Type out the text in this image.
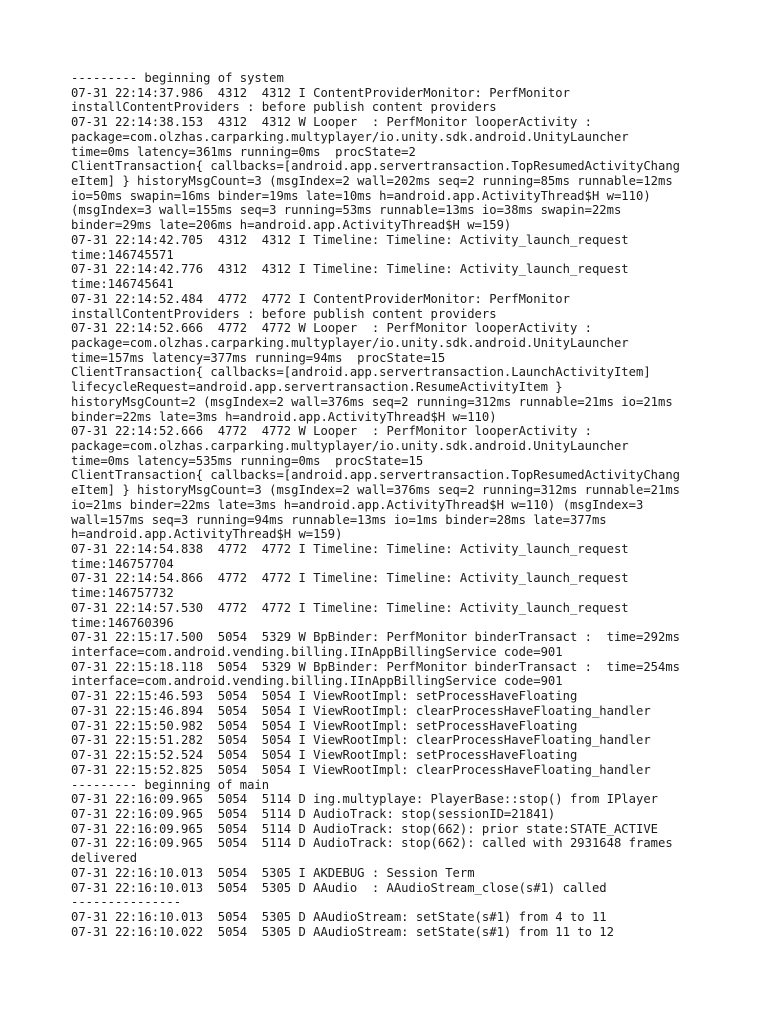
--------- beginning of system
07-31 22:14:37.986  4312  4312 I ContentProviderMonitor: PerfMonitor
installContentProviders : before publish content providers
07-31 22:14:38.153  4312  4312 W Looper  : PerfMonitor looperActivity :
package=com.olzhas.carparking.multyplayer/io.unity.sdk.android.UnityLauncher
time=0ms latency=361ms running=0ms  procState=2
ClientTransaction{ callbacks=[android.app.servertransaction.TopResumedActivityChang
eItem] } historyMsgCount=3 (msgIndex=2 wall=202ms seq=2 running=85ms runnable=12ms
io=50ms swapin=16ms binder=19ms late=10ms h=android.app.ActivityThread$H w=110)
(msgIndex=3 wall=155ms seq=3 running=53ms runnable=13ms io=38ms swapin=22ms
binder=29ms late=206ms h=android.app.ActivityThread$H w=159)
07-31 22:14:42.705  4312  4312 I Timeline: Timeline: Activity_launch_request
time:146745571
07-31 22:14:42.776  4312  4312 I Timeline: Timeline: Activity_launch_request
time:146745641
07-31 22:14:52.484  4772  4772 I ContentProviderMonitor: PerfMonitor
installContentProviders : before publish content providers
07-31 22:14:52.666  4772  4772 W Looper  : PerfMonitor looperActivity :
package=com.olzhas.carparking.multyplayer/io.unity.sdk.android.UnityLauncher
time=157ms latency=377ms running=94ms  procState=15
ClientTransaction{ callbacks=[android.app.servertransaction.LaunchActivityItem]
lifecycleRequest=android.app.servertransaction.ResumeActivityItem }
historyMsgCount=2 (msgIndex=2 wall=376ms seq=2 running=312ms runnable=21ms io=21ms
binder=22ms late=3ms h=android.app.ActivityThread$H w=110)
07-31 22:14:52.666  4772  4772 W Looper  : PerfMonitor looperActivity :
package=com.olzhas.carparking.multyplayer/io.unity.sdk.android.UnityLauncher
time=0ms latency=535ms running=0ms  procState=15
ClientTransaction{ callbacks=[android.app.servertransaction.TopResumedActivityChang
eItem] } historyMsgCount=3 (msgIndex=2 wall=376ms seq=2 running=312ms runnable=21ms
io=21ms binder=22ms late=3ms h=android.app.ActivityThread$H w=110) (msgIndex=3
wall=157ms seq=3 running=94ms runnable=13ms io=1ms binder=28ms late=377ms
h=android.app.ActivityThread$H w=159)
07-31 22:14:54.838  4772  4772 I Timeline: Timeline: Activity_launch_request
time:146757704
07-31 22:14:54.866  4772  4772 I Timeline: Timeline: Activity_launch_request
time:146757732
07-31 22:14:57.530  4772  4772 I Timeline: Timeline: Activity_launch_request
time:146760396
07-31 22:15:17.500  5054  5329 W BpBinder: PerfMonitor binderTransact :  time=292ms
interface=com.android.vending.billing.IInAppBillingService code=901
07-31 22:15:18.118  5054  5329 W BpBinder: PerfMonitor binderTransact :  time=254ms
interface=com.android.vending.billing.IInAppBillingService code=901
07-31 22:15:46.593  5054  5054 I ViewRootImpl: setProcessHaveFloating
07-31 22:15:46.894  5054  5054 I ViewRootImpl: clearProcessHaveFloating_handler
07-31 22:15:50.982  5054  5054 I ViewRootImpl: setProcessHaveFloating
07-31 22:15:51.282  5054  5054 I ViewRootImpl: clearProcessHaveFloating_handler
07-31 22:15:52.524  5054  5054 I ViewRootImpl: setProcessHaveFloating
07-31 22:15:52.825  5054  5054 I ViewRootImpl: clearProcessHaveFloating_handler
--------- beginning of main
07-31 22:16:09.965  5054  5114 D ing.multyplaye: PlayerBase::stop() from IPlayer
07-31 22:16:09.965  5054  5114 D AudioTrack: stop(sessionID=21841)
07-31 22:16:09.965  5054  5114 D AudioTrack: stop(662): prior state:STATE_ACTIVE
07-31 22:16:09.965  5054  5114 D AudioTrack: stop(662): called with 2931648 frames
delivered
07-31 22:16:10.013  5054  5305 I AKDEBUG : Session Term
07-31 22:16:10.013  5054  5305 D AAudio  : AAudioStream_close(s#1) called
---------------
07-31 22:16:10.013  5054  5305 D AAudioStream: setState(s#1) from 4 to 11
07-31 22:16:10.022  5054  5305 D AAudioStream: setState(s#1) from 11 to 12
